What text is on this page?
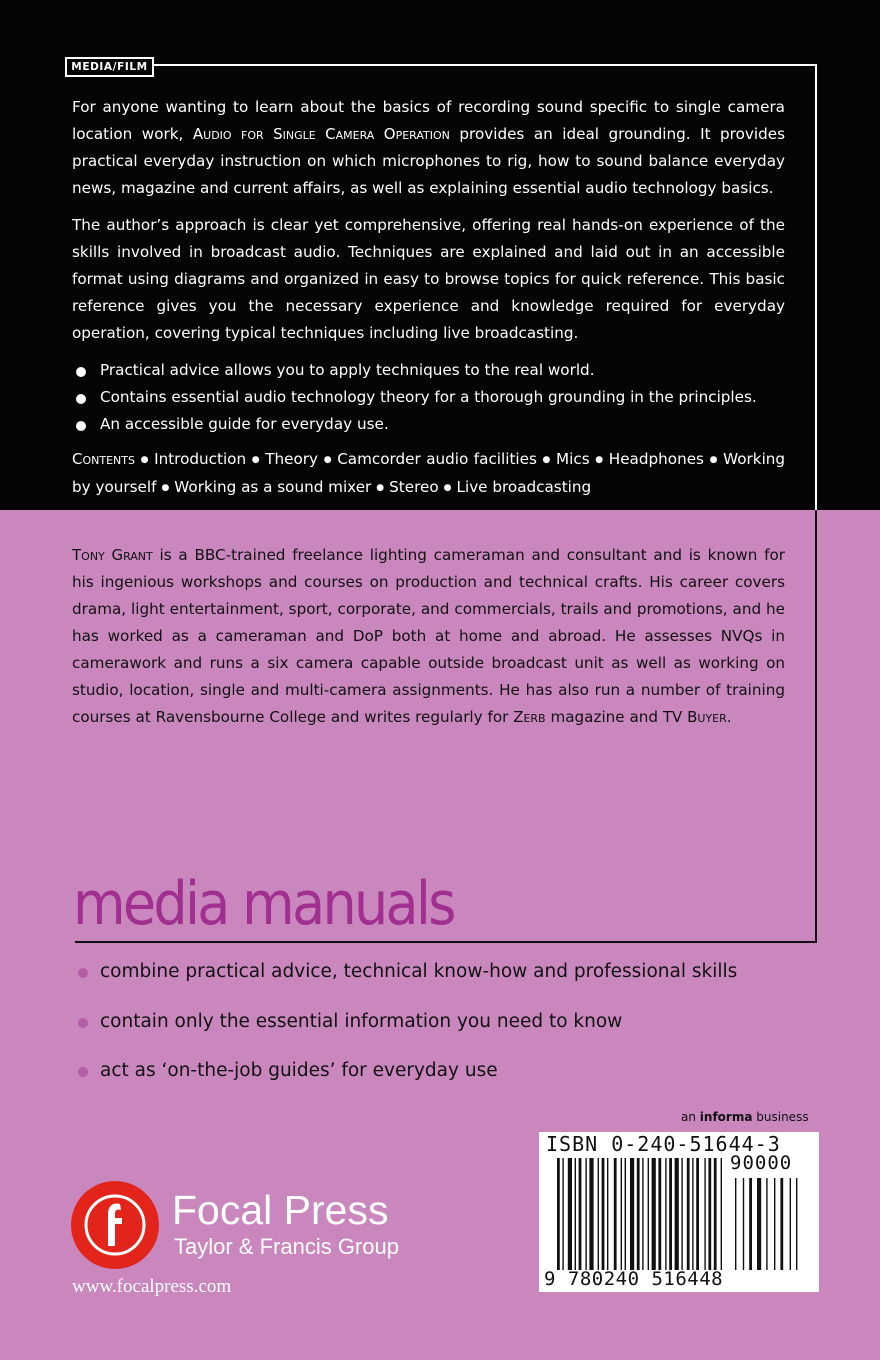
MEDIA/FILM

For anyone wanting to learn about the basics of recording sound specific to single camera location work, Audio for Single Camera Operation provides an ideal grounding. It provides practical everyday instruction on which microphones to rig, how to sound balance everyday news, magazine and current affairs, as well as explaining essential audio technology basics.

The author’s approach is clear yet comprehensive, offering real hands-on experience of the skills involved in broadcast audio. Techniques are explained and laid out in an accessible format using diagrams and organized in easy to browse topics for quick reference. This basic reference gives you the necessary experience and knowledge required for everyday operation, covering typical techniques including live broadcasting.

Practical advice allows you to apply techniques to the real world.
Contains essential audio technology theory for a thorough grounding in the principles.
An accessible guide for everyday use.

Contents ● Introduction ● Theory ● Camcorder audio facilities ● Mics ● Headphones ● Working by yourself ● Working as a sound mixer ● Stereo ● Live broadcasting

Tony Grant is a BBC-trained freelance lighting cameraman and consultant and is known for his ingenious workshops and courses on production and technical crafts. His career covers drama, light entertainment, sport, corporate, and commercials, trails and promotions, and he has worked as a cameraman and DoP both at home and abroad. He assesses NVQs in camerawork and runs a six camera capable outside broadcast unit as well as working on studio, location, single and multi-camera assignments. He has also run a number of training courses at Ravensbourne College and writes regularly for Zerb magazine and TV Buyer.

media manuals
combine practical advice, technical know-how and professional skills
contain only the essential information you need to know
act as ‘on-the-job guides’ for everyday use
an informa business
ISBN 0-240-51644-3
90000
9 780240 516448
Focal Press
Taylor & Francis Group
www.focalpress.com
